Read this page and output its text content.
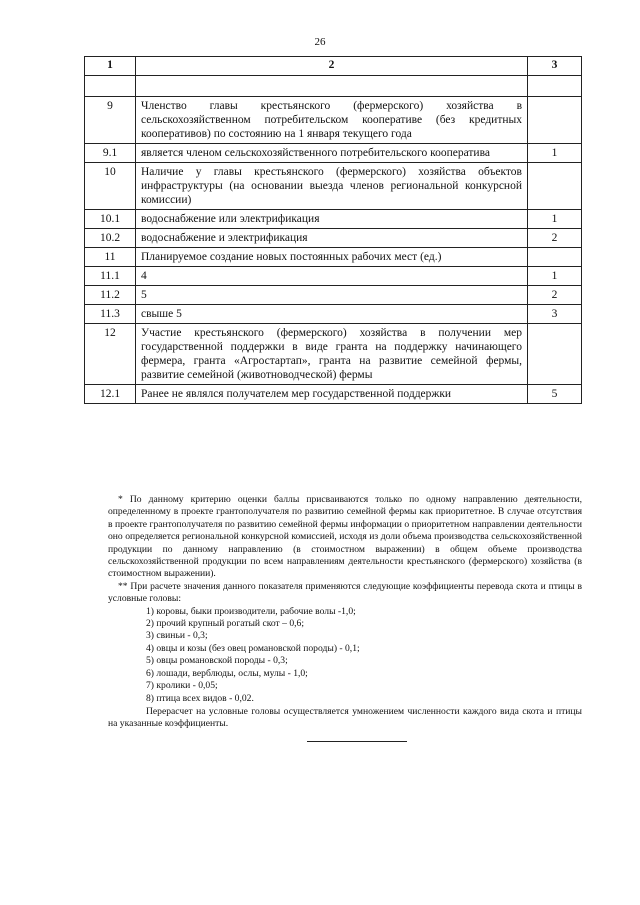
26
1	2	3

9	Членство главы крестьянского (фермерского) хозяйства в сельскохозяйственном потребительском кооперативе (без кредитных кооперативов) по состоянию на 1 января текущего года	
9.1	является членом сельскохозяйственного потребительского кооператива	1
10	Наличие у главы крестьянского (фермерского) хозяйства объектов инфраструктуры (на основании выезда членов региональной конкурсной комиссии)	
10.1	водоснабжение или электрификация	1
10.2	водоснабжение и электрификация	2
11	Планируемое создание новых постоянных рабочих мест (ед.)	
11.1	4	1
11.2	5	2
11.3	свыше 5	3
12	Участие крестьянского (фермерского) хозяйства в получении мер государственной поддержки в виде гранта на поддержку начинающего фермера, гранта «Агростартап», гранта на развитие семейной фермы, развитие семейной (животноводческой) фермы	
12.1	Ранее не являлся получателем мер государственной поддержки	5

* По данному критерию оценки баллы присваиваются только по одному направлению деятельности, определенному в проекте грантополучателя по развитию семейной фермы как приоритетное. В случае отсутствия в проекте грантополучателя по развитию семейной фермы информации о приоритетном направлении деятельности оно определяется региональной конкурсной комиссией, исходя из доли объема производства сельскохозяйственной продукции по данному направлению (в стоимостном выражении) в общем объеме производства сельскохозяйственной продукции по всем направлениям деятельности крестьянского (фермерского) хозяйства (в стоимостном выражении).

** При расчете значения данного показателя применяются следующие коэффициенты перевода скота и птицы в условные головы:

1) коровы, быки производители, рабочие волы -1,0;
2) прочий крупный рогатый скот – 0,6;
3) свиньи - 0,3;
4) овцы и козы (без овец романовской породы) - 0,1;
5) овцы романовской породы - 0,3;
6) лошади, верблюды, ослы, мулы - 1,0;
7) кролики - 0,05;
8) птица всех видов - 0,02.

Перерасчет на условные головы осуществляется умножением численности каждого вида скота и птицы на указанные коэффициенты.
